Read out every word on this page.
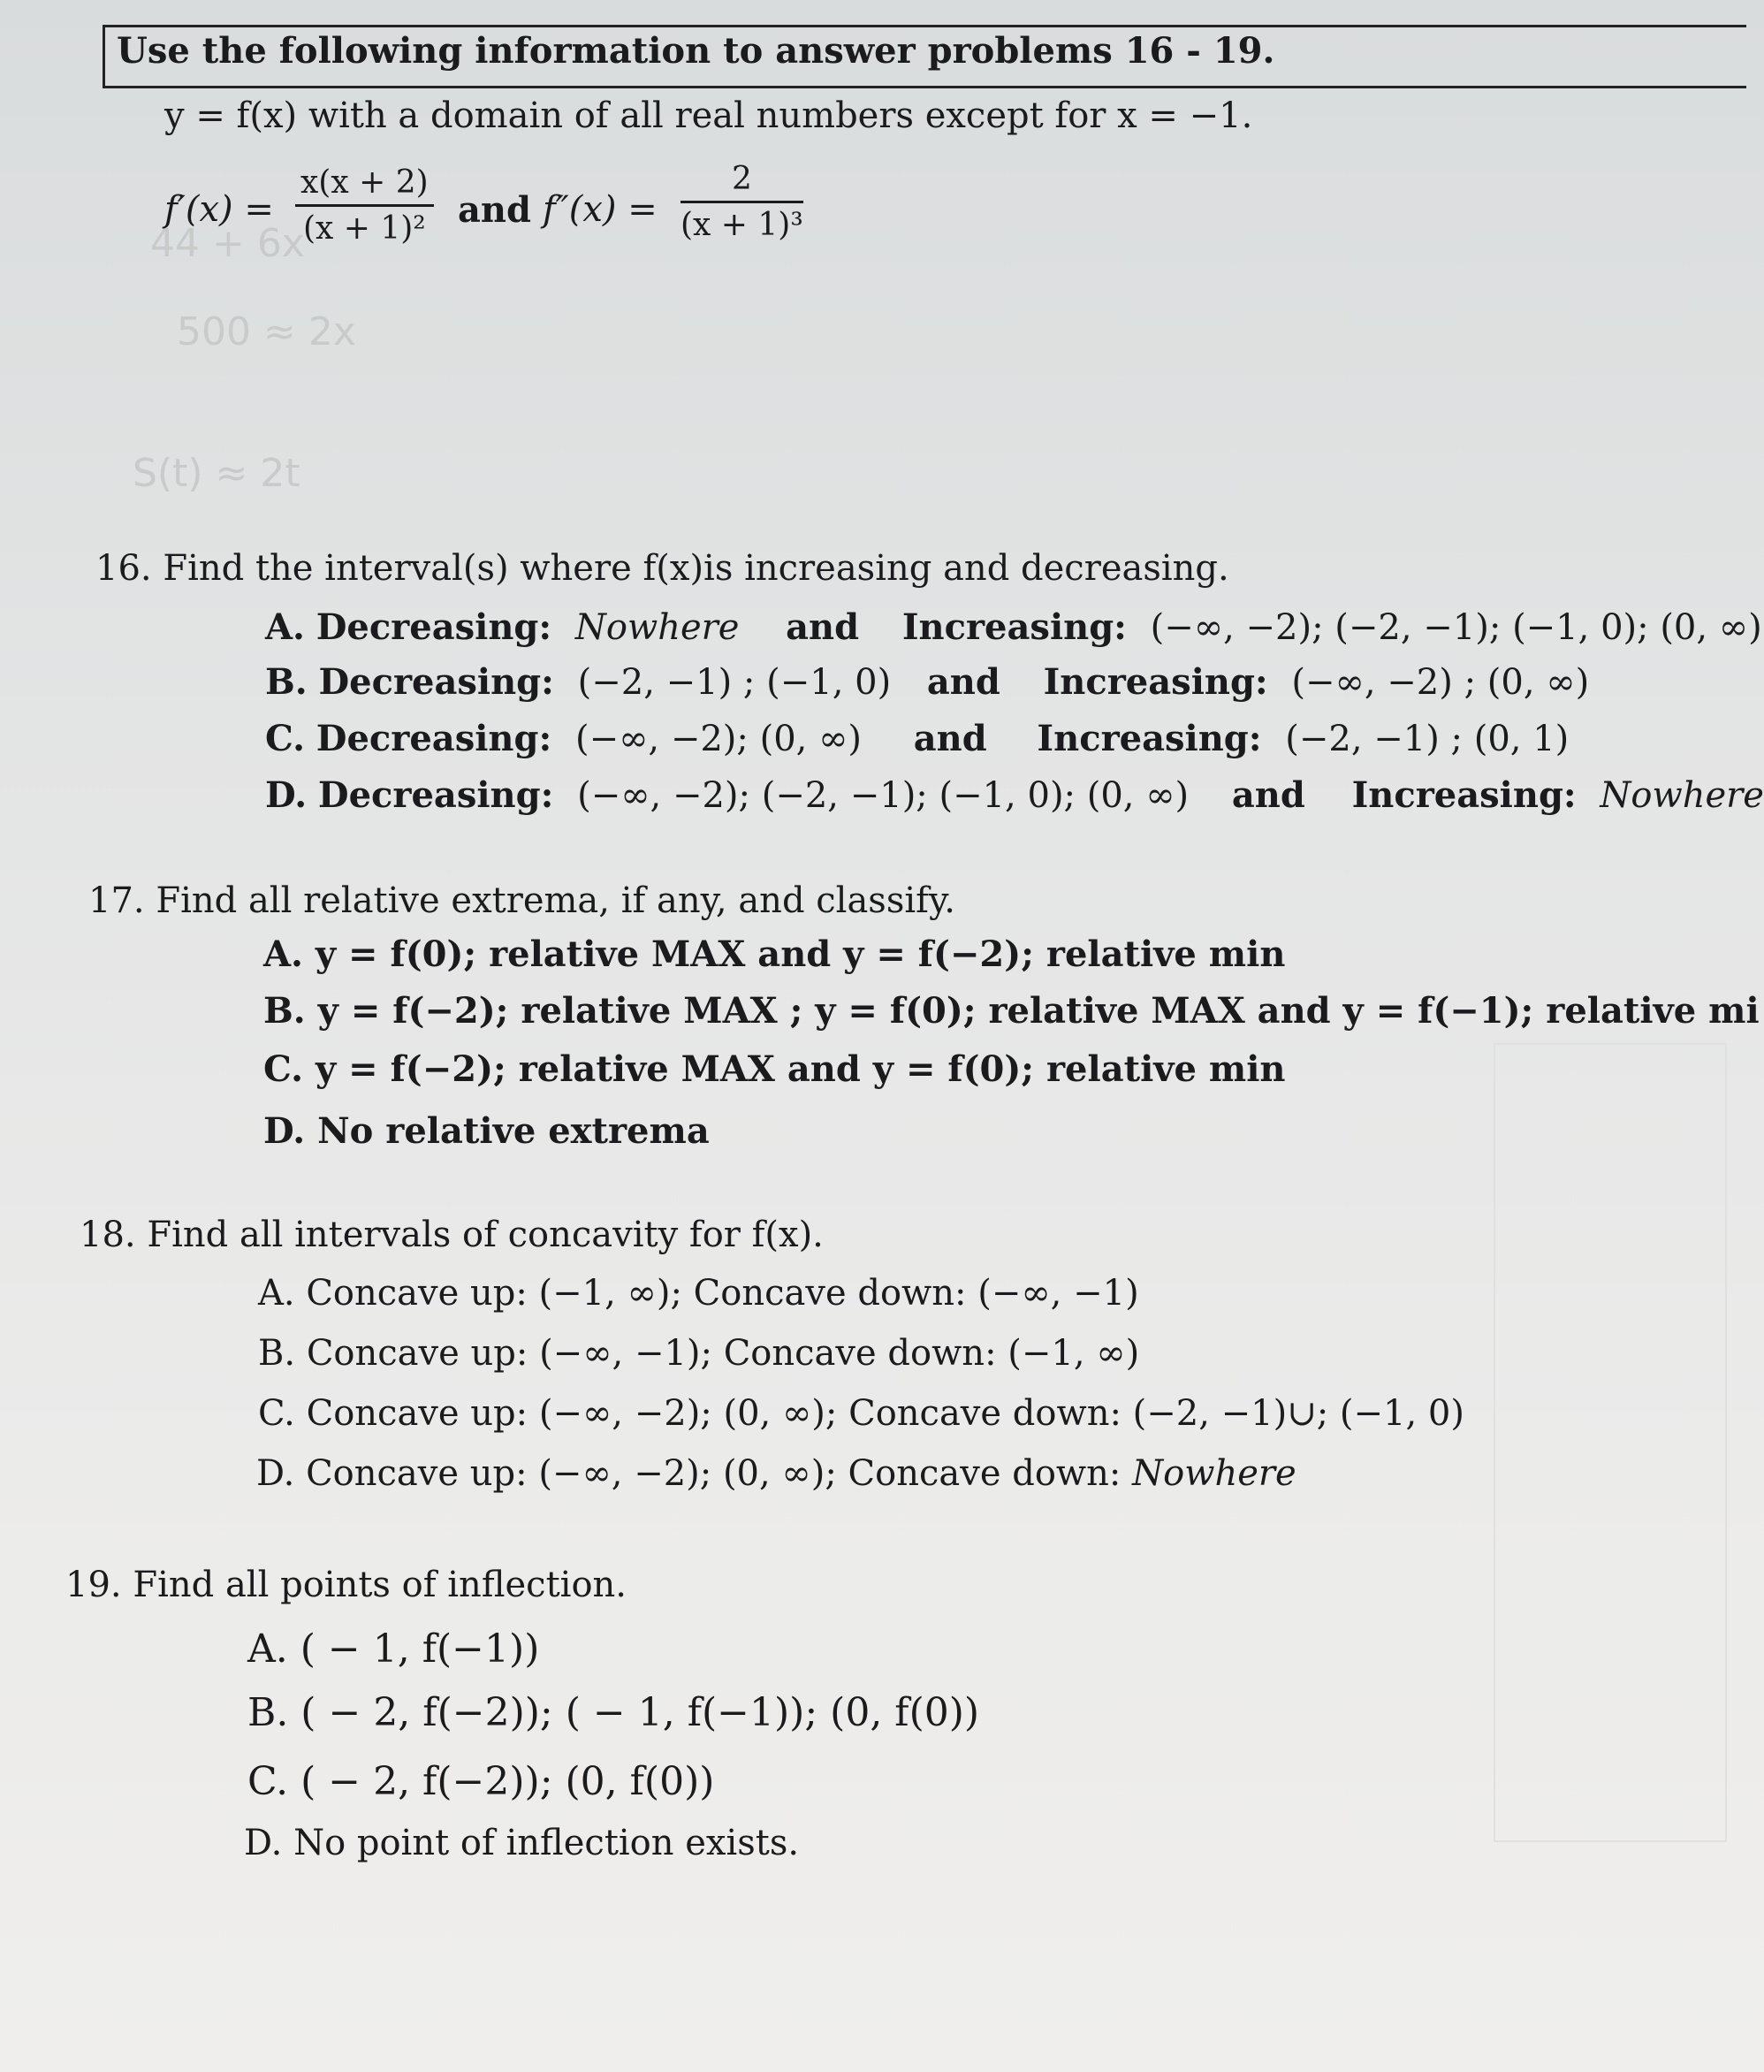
44 + 6x
500 ≈ 2x
S(t) ≈ 2t
Use the following information to answer problems 16 - 19.
y = f(x) with a domain of all real numbers except for x = −1.
f′(x) =
x(x + 2)
(x + 1)² and f″(x) =
2
(x + 1)³
16. Find the interval(s) where f(x)is increasing and decreasing.
A. Decreasing: Nowhere and Increasing: (−∞, −2); (−2, −1); (−1, 0); (0, ∞)
B. Decreasing: (−2, −1) ; (−1, 0) and Increasing: (−∞, −2) ; (0, ∞)
C. Decreasing: (−∞, −2); (0, ∞) and Increasing: (−2, −1) ; (0, 1)
D. Decreasing: (−∞, −2); (−2, −1); (−1, 0); (0, ∞) and Increasing: Nowhere
17. Find all relative extrema, if any, and classify.
A. y = f(0); relative MAX and y = f(−2); relative min
B. y = f(−2); relative MAX ; y = f(0); relative MAX and y = f(−1); relative mi
C. y = f(−2); relative MAX and y = f(0); relative min
D. No relative extrema
18. Find all intervals of concavity for f(x).
A. Concave up: (−1, ∞); Concave down: (−∞, −1)
B. Concave up: (−∞, −1); Concave down: (−1, ∞)
C. Concave up: (−∞, −2); (0, ∞); Concave down: (−2, −1)∪; (−1, 0)
D. Concave up: (−∞, −2); (0, ∞); Concave down: Nowhere
19. Find all points of inflection.
A. ( − 1, f(−1))
B. ( − 2, f(−2)); ( − 1, f(−1)); (0, f(0))
C. ( − 2, f(−2)); (0, f(0))
D. No point of inflection exists.
